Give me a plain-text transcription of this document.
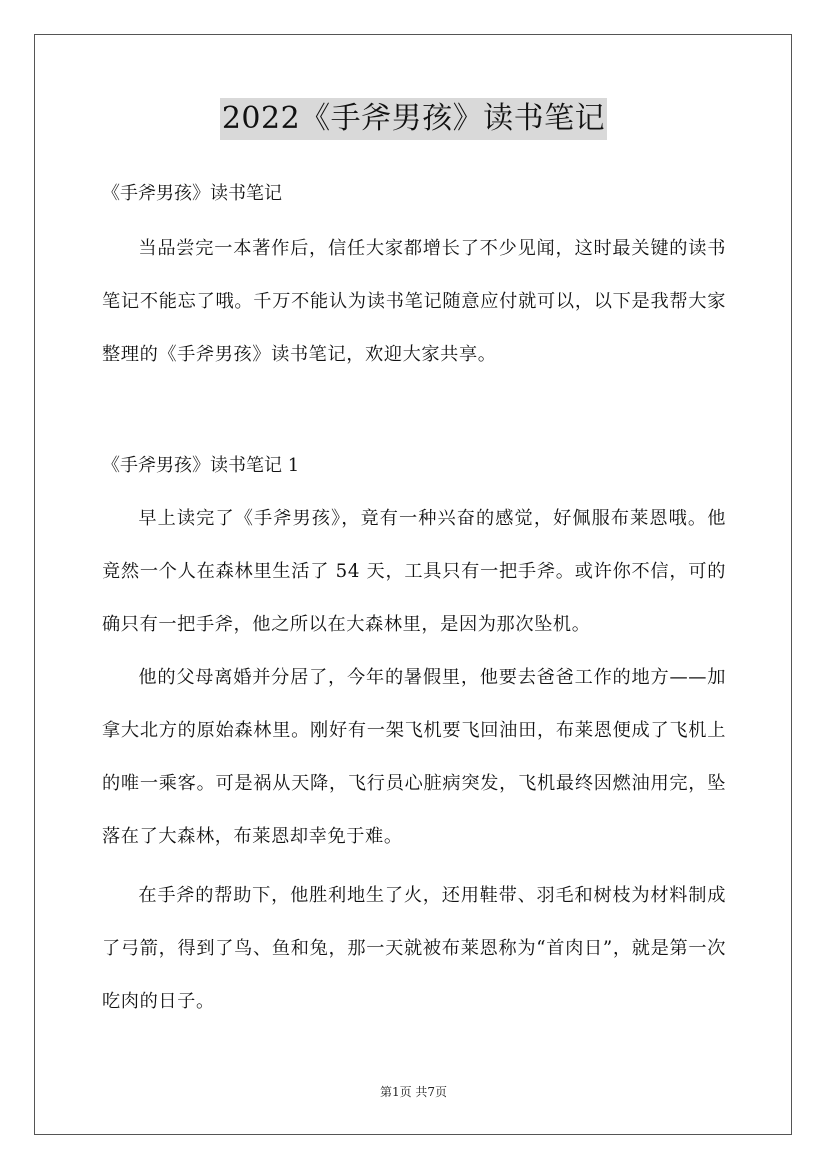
2022《手斧男孩》读书笔记
《手斧男孩》读书笔记

当品尝完一本著作后，信任大家都增长了不少见闻，这时最关键的读书笔记不能忘了哦。千万不能认为读书笔记随意应付就可以，以下是我帮大家整理的《手斧男孩》读书笔记，欢迎大家共享。

《手斧男孩》读书笔记 1

早上读完了《手斧男孩》，竟有一种兴奋的感觉，好佩服布莱恩哦。他竟然一个人在森林里生活了 54 天，工具只有一把手斧。或许你不信，可的确只有一把手斧，他之所以在大森林里，是因为那次坠机。

他的父母离婚并分居了，今年的暑假里，他要去爸爸工作的地方——加拿大北方的原始森林里。刚好有一架飞机要飞回油田，布莱恩便成了飞机上的唯一乘客。可是祸从天降，飞行员心脏病突发，飞机最终因燃油用完，坠落在了大森林，布莱恩却幸免于难。

在手斧的帮助下，他胜利地生了火，还用鞋带、羽毛和树枝为材料制成了弓箭，得到了鸟、鱼和兔，那一天就被布莱恩称为“首肉日”，就是第一次吃肉的日子。

第1页 共7页
